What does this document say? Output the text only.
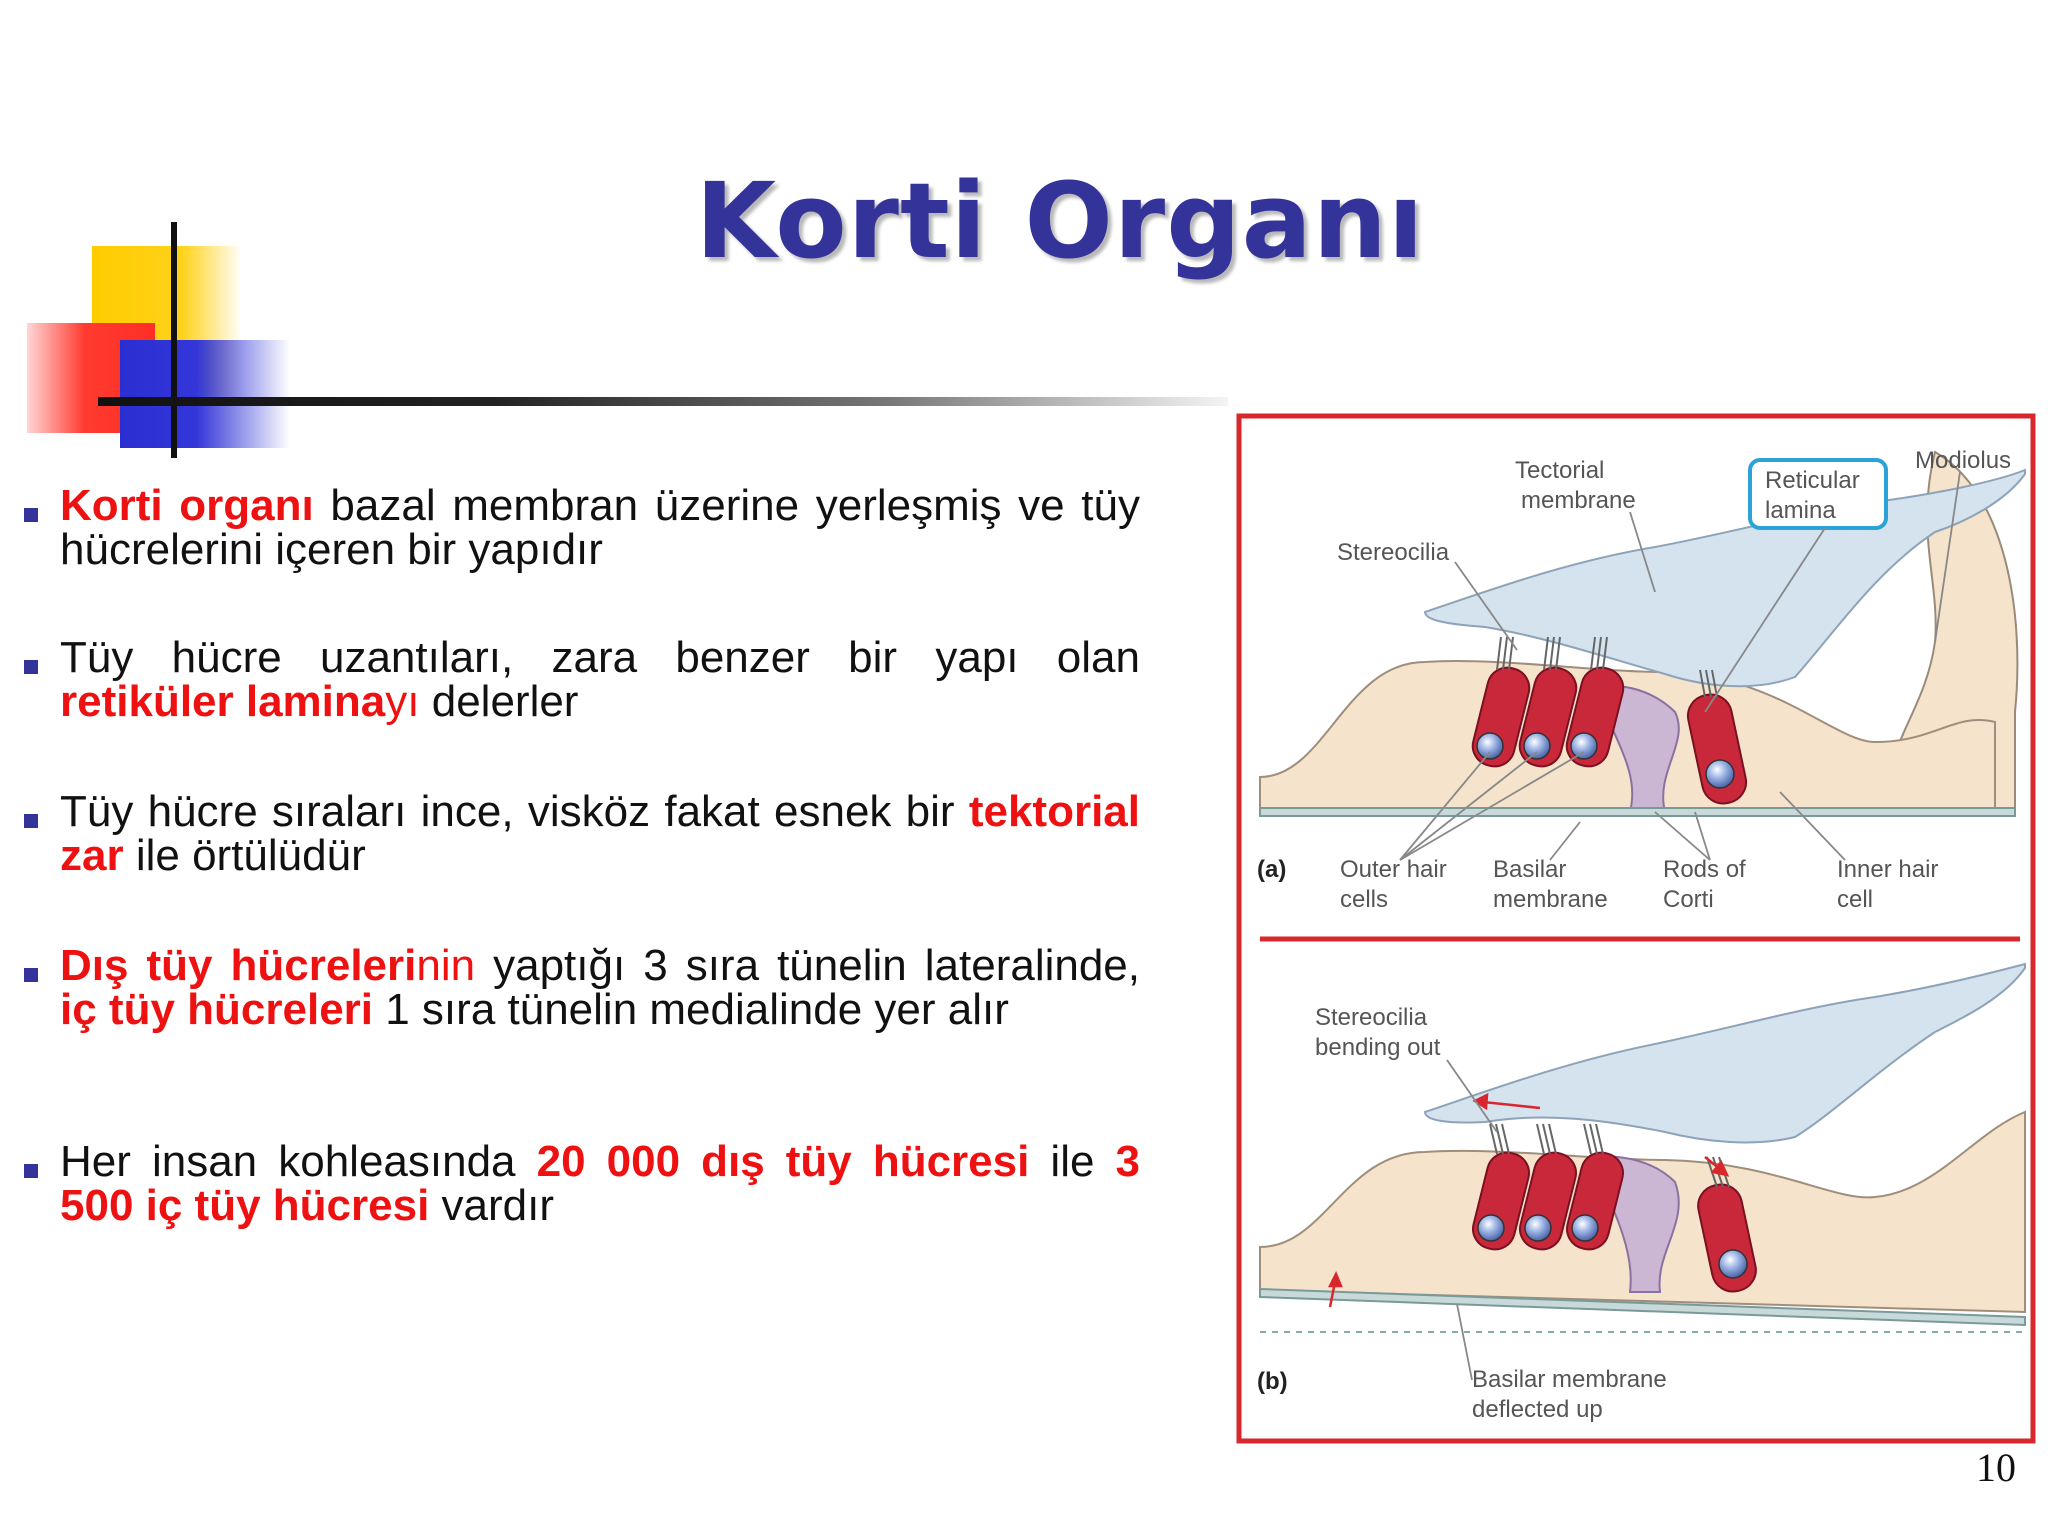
Korti Organı
Korti organı bazal membran üzerine yerleşmiş ve tüy hücrelerini içeren bir yapıdır
Tüy hücre uzantıları, zara benzer bir yapı olan retiküler laminayı delerler
Tüy hücre sıraları ince, visköz fakat esnek bir tektorial zar ile örtülüdür
Dış tüy hücrelerinin yaptığı 3 sıra tünelin lateralinde, iç tüy hücreleri 1 sıra tünelin medialinde yer alır
Her insan kohleasında 20 000 dış tüy hücresi ile 3 500 iç tüy hücresi vardır
(a)
Tectorial membrane
Reticular lamina
Modiolus
Stereocilia
Outer hair cells
Basilar membrane
Rods of Corti
Inner hair cell
(b)
Stereocilia bending out
Basilar membrane deflected up
10
